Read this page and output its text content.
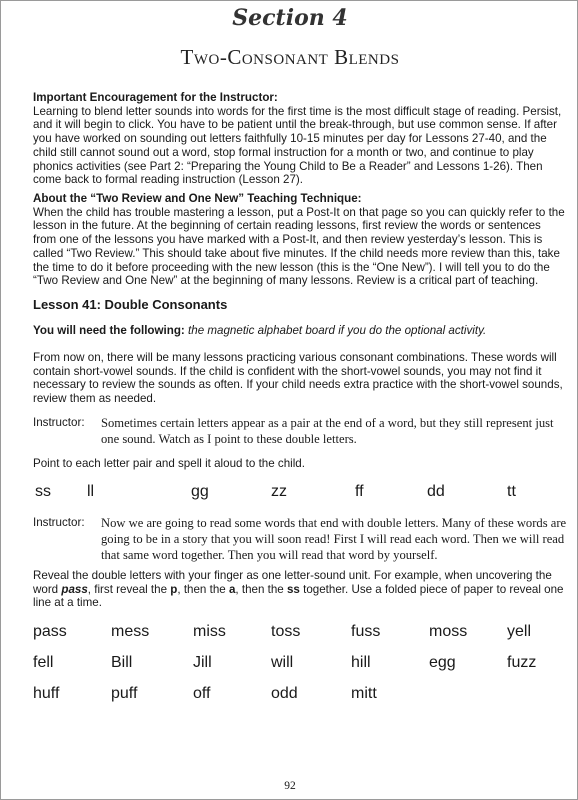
Section 4
Two-Consonant Blends
Important Encouragement for the Instructor:
Learning to blend letter sounds into words for the first time is the most difficult stage of reading. Persist, and it will begin to click. You have to be patient until the break-through, but use common sense. If after you have worked on sounding out letters faithfully 10-15 minutes per day for Lessons 27-40, and the child still cannot sound out a word, stop formal instruction for a month or two, and continue to play phonics activities (see Part 2: “Preparing the Young Child to Be a Reader” and Lessons 1-26). Then come back to formal reading instruction (Lesson 27).
About the “Two Review and One New” Teaching Technique:
When the child has trouble mastering a lesson, put a Post-It on that page so you can quickly refer to the lesson in the future. At the beginning of certain reading lessons, first review the words or sentences from one of the lessons you have marked with a Post-It, and then review yesterday’s lesson. This is called “Two Review.” This should take about five minutes. If the child needs more review than this, take the time to do it before proceeding with the new lesson (this is the “One New”). I will tell you to do the “Two Review and One New” at the beginning of many lessons. Review is a critical part of teaching.
Lesson 41: Double Consonants
You will need the following: the magnetic alphabet board if you do the optional activity.
From now on, there will be many lessons practicing various consonant combinations. These words will contain short-vowel sounds. If the child is confident with the short-vowel sounds, you may not find it necessary to review the sounds as often. If your child needs extra practice with the short-vowel sounds, review them as needed.
Instructor: Sometimes certain letters appear as a pair at the end of a word, but they still represent just one sound. Watch as I point to these double letters.
Point to each letter pair and spell it aloud to the child.
ss ll	gg	zz	ff	dd	tt
Instructor: Now we are going to read some words that end with double letters. Many of these words are going to be in a story that you will soon read! First I will read each word. Then we will read that same word together. Then you will read that word by yourself.
Reveal the double letters with your finger as one letter-sound unit. For example, when uncovering the word pass, first reveal the p, then the a, then the ss together. Use a folded piece of paper to reveal one line at a time.
pass	mess	miss	toss	fuss	moss yell
fell	Bill	Jill	will	hill	egg	fuzz
huff	puff	off	odd	mitt
92
